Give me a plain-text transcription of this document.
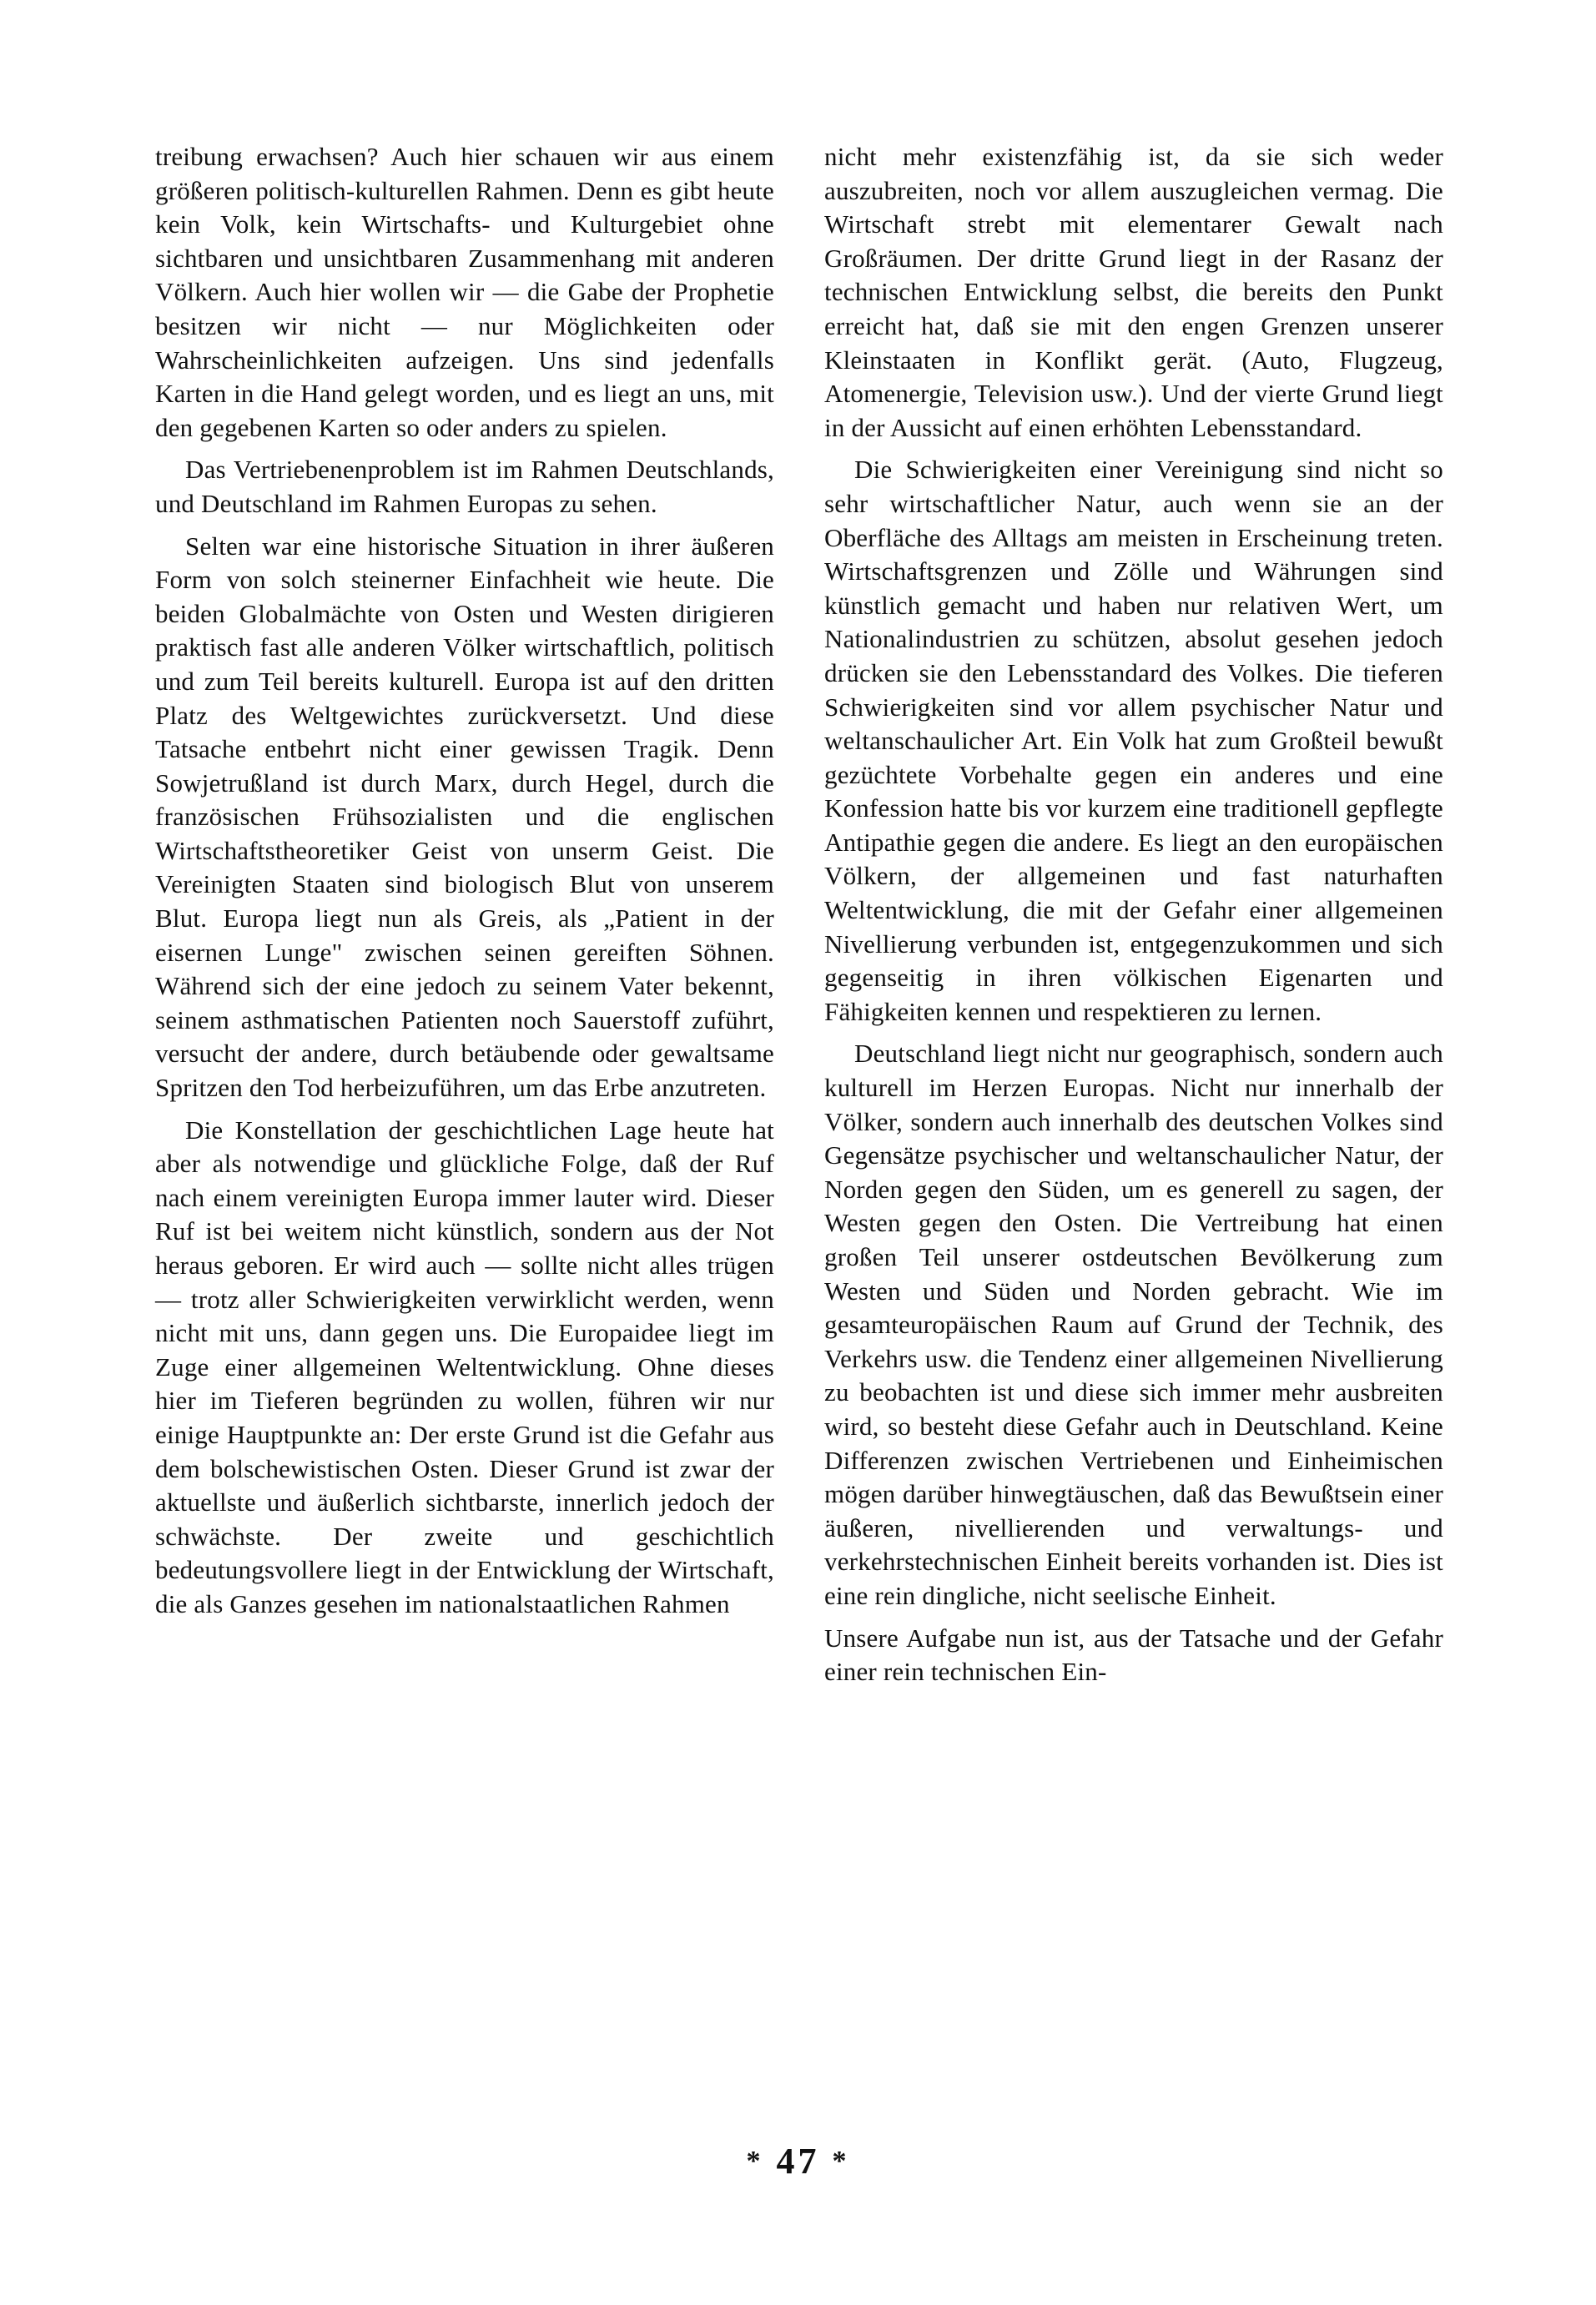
treibung erwachsen? Auch hier schauen wir aus einem größeren politisch-kulturellen Rahmen. Denn es gibt heute kein Volk, kein Wirtschafts- und Kulturgebiet ohne sichtbaren und unsichtbaren Zusammenhang mit anderen Völkern. Auch hier wollen wir — die Gabe der Prophetie besitzen wir nicht — nur Möglichkeiten oder Wahrscheinlichkeiten aufzeigen. Uns sind jedenfalls Karten in die Hand gelegt worden, und es liegt an uns, mit den gegebenen Karten so oder anders zu spielen.

Das Vertriebenenproblem ist im Rahmen Deutschlands, und Deutschland im Rahmen Europas zu sehen.

Selten war eine historische Situation in ihrer äußeren Form von solch steinerner Einfachheit wie heute. Die beiden Globalmächte von Osten und Westen dirigieren praktisch fast alle anderen Völker wirtschaftlich, politisch und zum Teil bereits kulturell. Europa ist auf den dritten Platz des Weltgewichtes zurückversetzt. Und diese Tatsache entbehrt nicht einer gewissen Tragik. Denn Sowjetrußland ist durch Marx, durch Hegel, durch die französischen Frühsozialisten und die englischen Wirtschaftstheoretiker Geist von unserm Geist. Die Vereinigten Staaten sind biologisch Blut von unserem Blut. Europa liegt nun als Greis, als „Patient in der eisernen Lunge" zwischen seinen gereiften Söhnen. Während sich der eine jedoch zu seinem Vater bekennt, seinem asthmatischen Patienten noch Sauerstoff zuführt, versucht der andere, durch betäubende oder gewaltsame Spritzen den Tod herbeizuführen, um das Erbe anzutreten.

Die Konstellation der geschichtlichen Lage heute hat aber als notwendige und glückliche Folge, daß der Ruf nach einem vereinigten Europa immer lauter wird. Dieser Ruf ist bei weitem nicht künstlich, sondern aus der Not heraus geboren. Er wird auch — sollte nicht alles trügen — trotz aller Schwierigkeiten verwirklicht werden, wenn nicht mit uns, dann gegen uns. Die Europaidee liegt im Zuge einer allgemeinen Weltentwicklung. Ohne dieses hier im Tieferen begründen zu wollen, führen wir nur einige Hauptpunkte an: Der erste Grund ist die Gefahr aus dem bolschewistischen Osten. Dieser Grund ist zwar der aktuellste und äußerlich sichtbarste, innerlich jedoch der schwächste. Der zweite und geschichtlich bedeutungsvollere liegt in der Entwicklung der Wirtschaft, die als Ganzes gesehen im nationalstaatlichen Rahmen

nicht mehr existenzfähig ist, da sie sich weder auszubreiten, noch vor allem auszugleichen vermag. Die Wirtschaft strebt mit elementarer Gewalt nach Großräumen. Der dritte Grund liegt in der Rasanz der technischen Entwicklung selbst, die bereits den Punkt erreicht hat, daß sie mit den engen Grenzen unserer Kleinstaaten in Konflikt gerät. (Auto, Flugzeug, Atomenergie, Television usw.). Und der vierte Grund liegt in der Aussicht auf einen erhöhten Lebensstandard.

Die Schwierigkeiten einer Vereinigung sind nicht so sehr wirtschaftlicher Natur, auch wenn sie an der Oberfläche des Alltags am meisten in Erscheinung treten. Wirtschaftsgrenzen und Zölle und Währungen sind künstlich gemacht und haben nur relativen Wert, um Nationalindustrien zu schützen, absolut gesehen jedoch drücken sie den Lebensstandard des Volkes. Die tieferen Schwierigkeiten sind vor allem psychischer Natur und weltanschaulicher Art. Ein Volk hat zum Großteil bewußt gezüchtete Vorbehalte gegen ein anderes und eine Konfession hatte bis vor kurzem eine traditionell gepflegte Antipathie gegen die andere. Es liegt an den europäischen Völkern, der allgemeinen und fast naturhaften Weltentwicklung, die mit der Gefahr einer allgemeinen Nivellierung verbunden ist, entgegenzukommen und sich gegenseitig in ihren völkischen Eigenarten und Fähigkeiten kennen und respektieren zu lernen.

Deutschland liegt nicht nur geographisch, sondern auch kulturell im Herzen Europas. Nicht nur innerhalb der Völker, sondern auch innerhalb des deutschen Volkes sind Gegensätze psychischer und weltanschaulicher Natur, der Norden gegen den Süden, um es generell zu sagen, der Westen gegen den Osten. Die Vertreibung hat einen großen Teil unserer ostdeutschen Bevölkerung zum Westen und Süden und Norden gebracht. Wie im gesamteuropäischen Raum auf Grund der Technik, des Verkehrs usw. die Tendenz einer allgemeinen Nivellierung zu beobachten ist und diese sich immer mehr ausbreiten wird, so besteht diese Gefahr auch in Deutschland. Keine Differenzen zwischen Vertriebenen und Einheimischen mögen darüber hinwegtäuschen, daß das Bewußtsein einer äußeren, nivellierenden und verwaltungs- und verkehrstechnischen Einheit bereits vorhanden ist. Dies ist eine rein dingliche, nicht seelische Einheit.

Unsere Aufgabe nun ist, aus der Tatsache und der Gefahr einer rein technischen Ein-

* 47 *
